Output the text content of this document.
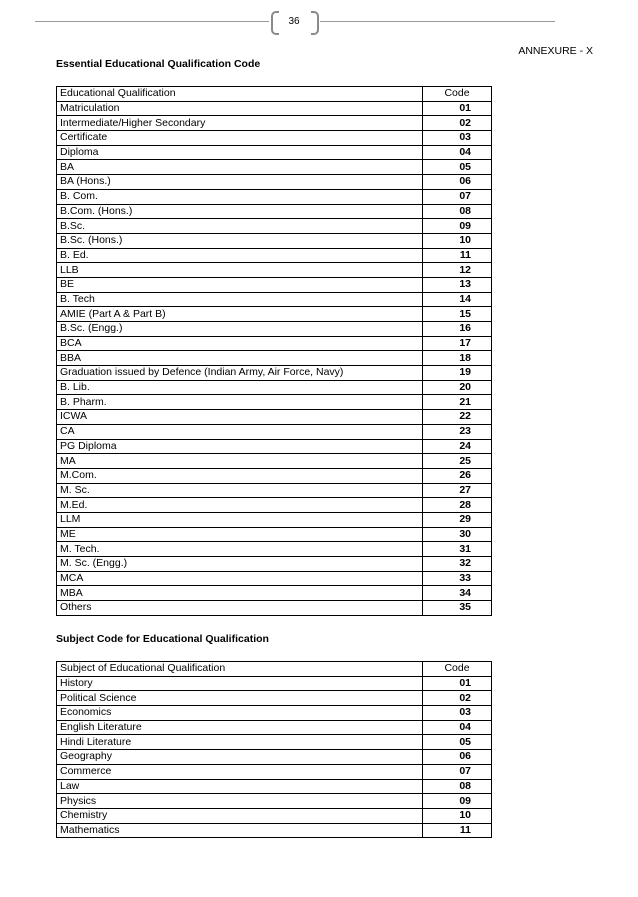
36
ANNEXURE - X
Essential Educational Qualification Code
Educational Qualification	Code
Matriculation	01
Intermediate/Higher Secondary	02
Certificate	03
Diploma	04
BA	05
BA (Hons.)	06
B. Com.	07
B.Com. (Hons.)	08
B.Sc.	09
B.Sc. (Hons.)	10
B. Ed.	11
LLB	12
BE	13
B. Tech	14
AMIE (Part A & Part B)	15
B.Sc. (Engg.)	16
BCA	17
BBA	18
Graduation issued by Defence (Indian Army, Air Force, Navy)	19
B. Lib.	20
B. Pharm.	21
ICWA	22
CA	23
PG Diploma	24
MA	25
M.Com.	26
M. Sc.	27
M.Ed.	28
LLM	29
ME	30
M. Tech.	31
M. Sc. (Engg.)	32
MCA	33
MBA	34
Others	35
Subject Code for Educational Qualification
Subject of Educational Qualification	Code
History	01
Political Science	02
Economics	03
English Literature	04
Hindi Literature	05
Geography	06
Commerce	07
Law	08
Physics	09
Chemistry	10
Mathematics	11
